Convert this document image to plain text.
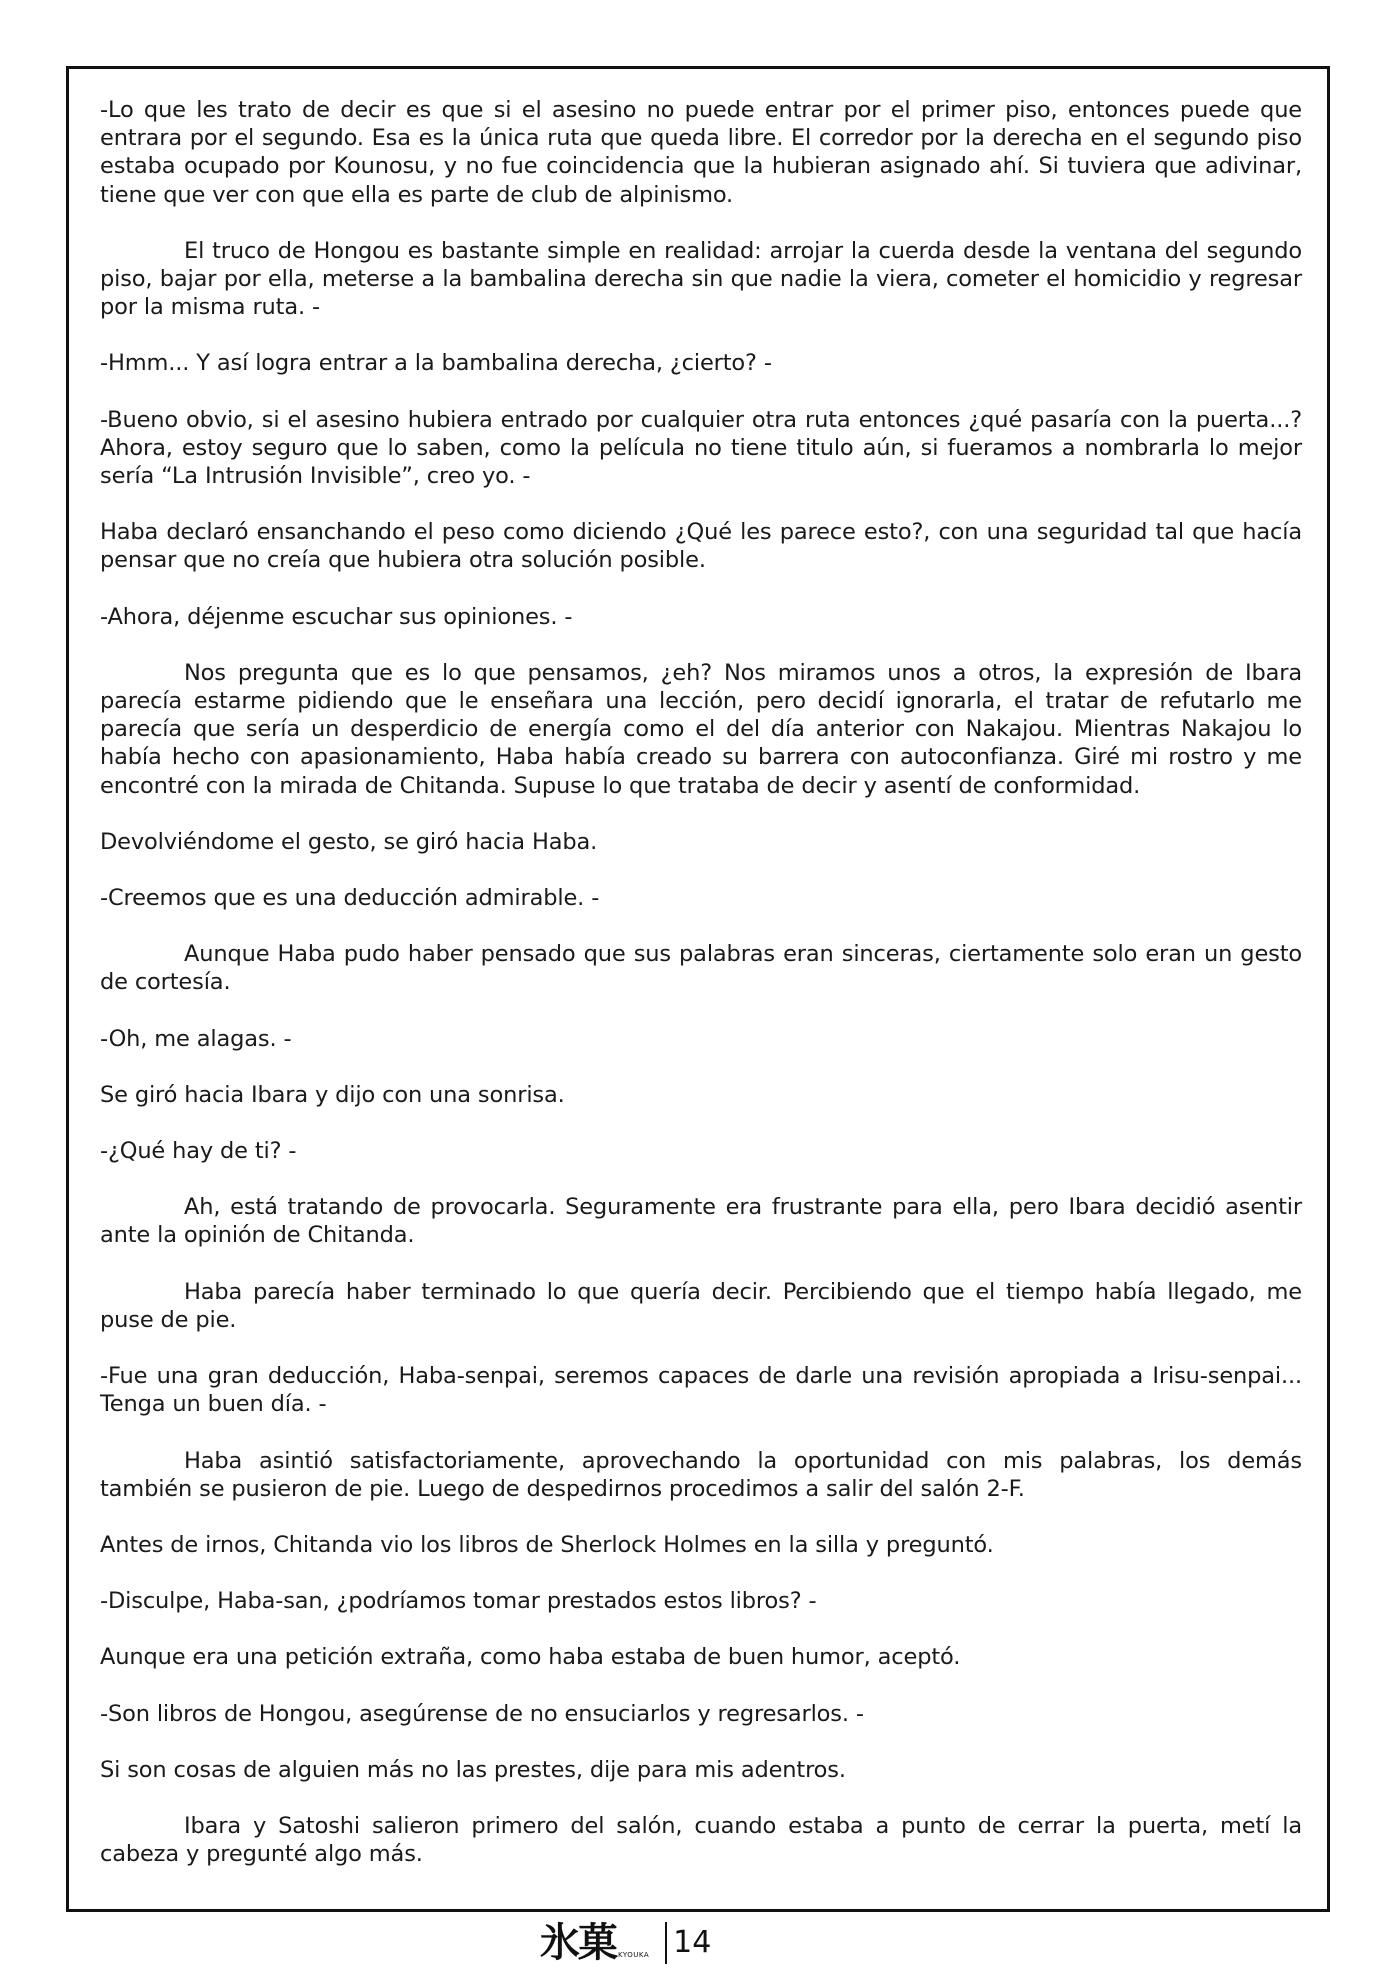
-Lo que les trato de decir es que si el asesino no puede entrar por el primer piso, entonces puede que entrara por el segundo. Esa es la única ruta que queda libre. El corredor por la derecha en el segundo piso estaba ocupado por Kounosu, y no fue coincidencia que la hubieran asignado ahí. Si tuviera que adivinar, tiene que ver con que ella es parte de club de alpinismo.

El truco de Hongou es bastante simple en realidad: arrojar la cuerda desde la ventana del segundo piso, bajar por ella, meterse a la bambalina derecha sin que nadie la viera, cometer el homicidio y regresar por la misma ruta. -

-Hmm... Y así logra entrar a la bambalina derecha, ¿cierto? -

-Bueno obvio, si el asesino hubiera entrado por cualquier otra ruta entonces ¿qué pasaría con la puerta...? Ahora, estoy seguro que lo saben, como la película no tiene titulo aún, si fueramos a nombrarla lo mejor sería “La Intrusión Invisible”, creo yo. -

Haba declaró ensanchando el peso como diciendo ¿Qué les parece esto?, con una seguridad tal que hacía pensar que no creía que hubiera otra solución posible.

-Ahora, déjenme escuchar sus opiniones. -

Nos pregunta que es lo que pensamos, ¿eh? Nos miramos unos a otros, la expresión de Ibara parecía estarme pidiendo que le enseñara una lección, pero decidí ignorarla, el tratar de refutarlo me parecía que sería un desperdicio de energía como el del día anterior con Nakajou. Mientras Nakajou lo había hecho con apasionamiento, Haba había creado su barrera con autoconfianza. Giré mi rostro y me encontré con la mirada de Chitanda. Supuse lo que trataba de decir y asentí de conformidad.

Devolviéndome el gesto, se giró hacia Haba.

-Creemos que es una deducción admirable. -

Aunque Haba pudo haber pensado que sus palabras eran sinceras, ciertamente solo eran un gesto de cortesía.

-Oh, me alagas. -

Se giró hacia Ibara y dijo con una sonrisa.

-¿Qué hay de ti? -

Ah, está tratando de provocarla. Seguramente era frustrante para ella, pero Ibara decidió asentir ante la opinión de Chitanda.

Haba parecía haber terminado lo que quería decir. Percibiendo que el tiempo había llegado, me puse de pie.

-Fue una gran deducción, Haba-senpai, seremos capaces de darle una revisión apropiada a Irisu-senpai... Tenga un buen día. -

Haba asintió satisfactoriamente, aprovechando la oportunidad con mis palabras, los demás también se pusieron de pie. Luego de despedirnos procedimos a salir del salón 2-F.

Antes de irnos, Chitanda vio los libros de Sherlock Holmes en la silla y preguntó.

-Disculpe, Haba-san, ¿podríamos tomar prestados estos libros? -

Aunque era una petición extraña, como haba estaba de buen humor, aceptó.

-Son libros de Hongou, asegúrense de no ensuciarlos y regresarlos. -

Si son cosas de alguien más no las prestes, dije para mis adentros.

Ibara y Satoshi salieron primero del salón, cuando estaba a punto de cerrar la puerta, metí la cabeza y pregunté algo más.

氷菓 KYOUKA 14
